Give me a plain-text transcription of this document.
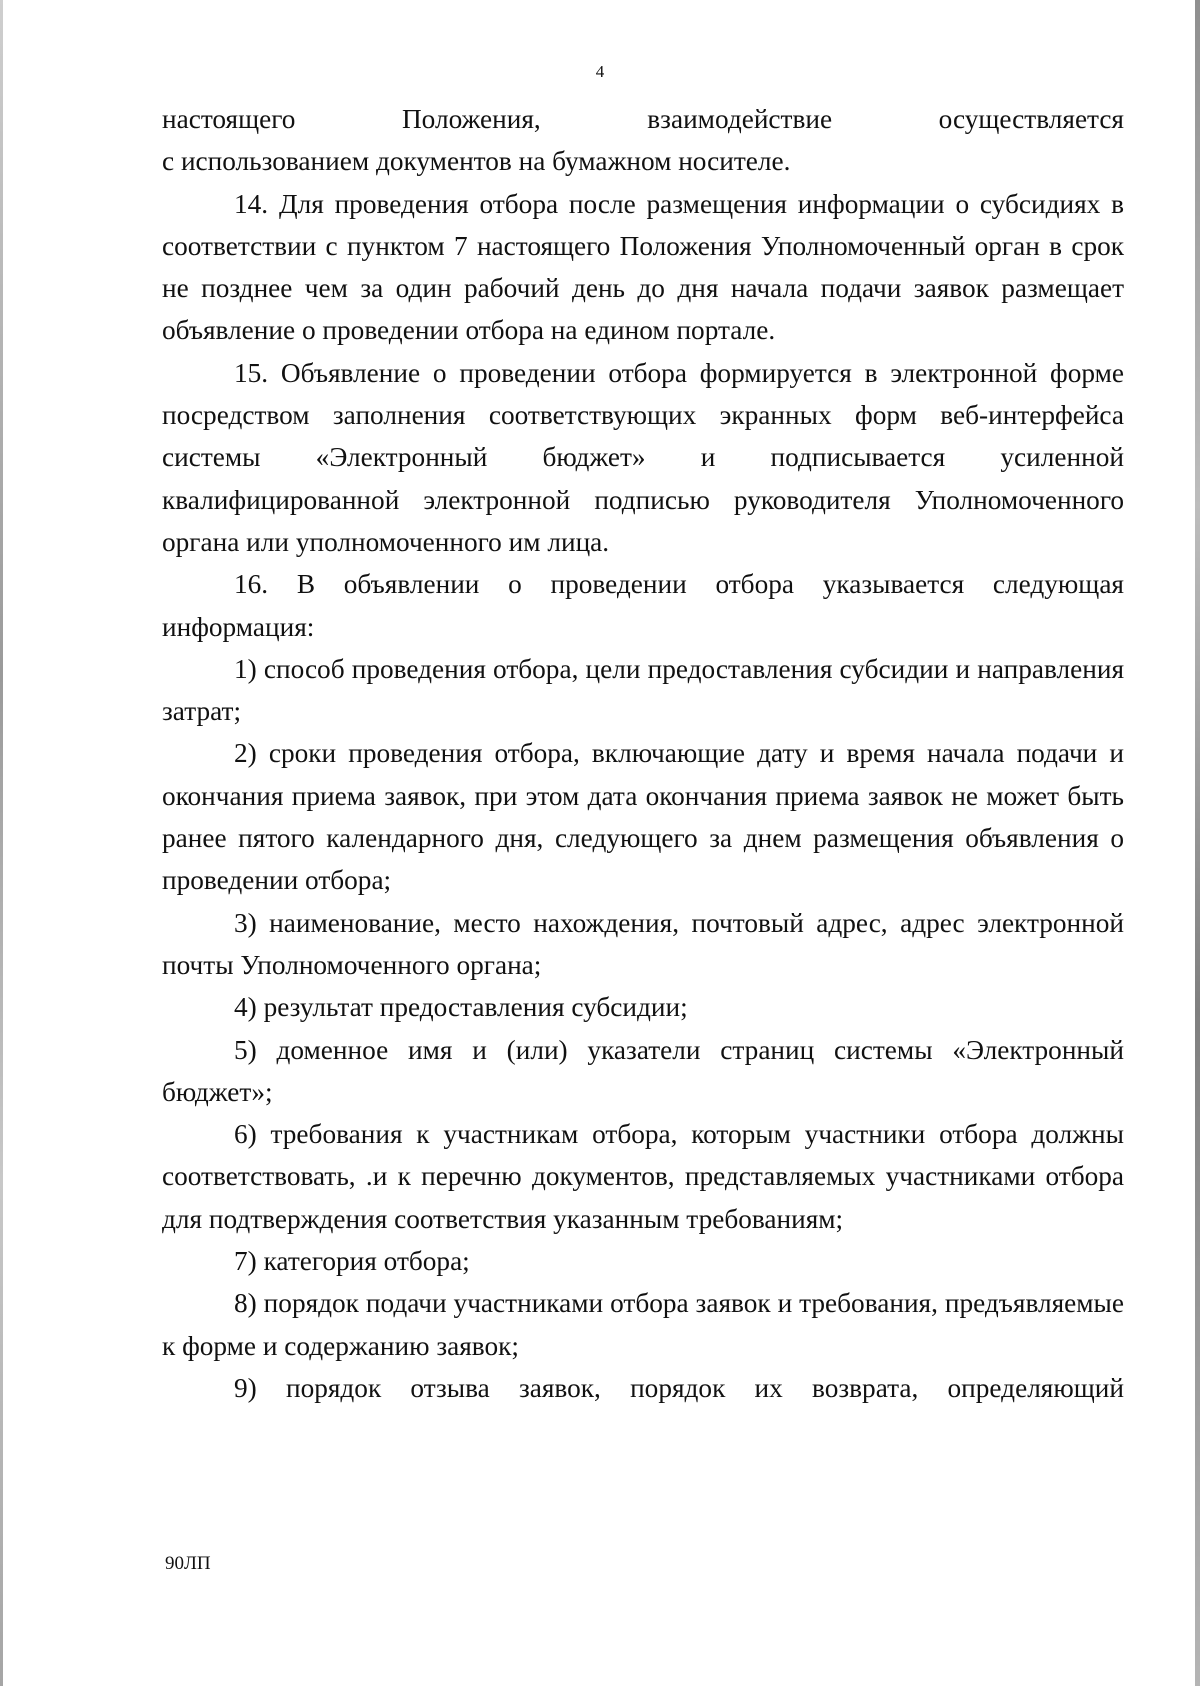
4

настоящего Положения, взаимодействие осуществляется

с использованием документов на бумажном носителе.

14. Для проведения отбора после размещения информации о субсидиях в соответствии с пунктом 7 настоящего Положения Уполномоченный орган в срок не позднее чем за один рабочий день до дня начала подачи заявок размещает объявление о проведении отбора на едином портале.

15. Объявление о проведении отбора формируется в электронной форме посредством заполнения соответствующих экранных форм веб-интерфейса системы «Электронный бюджет» и подписывается усиленной квалифицированной электронной подписью руководителя Уполномоченного органа или уполномоченного им лица.

16. В объявлении о проведении отбора указывается следующая информация:

1) способ проведения отбора, цели предоставления субсидии и направления затрат;

2) сроки проведения отбора, включающие дату и время начала подачи и окончания приема заявок, при этом дата окончания приема заявок не может быть ранее пятого календарного дня, следующего за днем размещения объявления о проведении отбора;

3) наименование, место нахождения, почтовый адрес, адрес электронной почты Уполномоченного органа;

4) результат предоставления субсидии;

5) доменное имя и (или) указатели страниц системы «Электронный бюджет»;

6) требования к участникам отбора, которым участники отбора должны соответствовать, .и к перечню документов, представляемых участниками отбора для подтверждения соответствия указанным требованиям;

7) категория отбора;

8) порядок подачи участниками отбора заявок и требования, предъявляемые к форме и содержанию заявок;

9) порядок отзыва заявок, порядок их возврата, определяющий

90ЛП
